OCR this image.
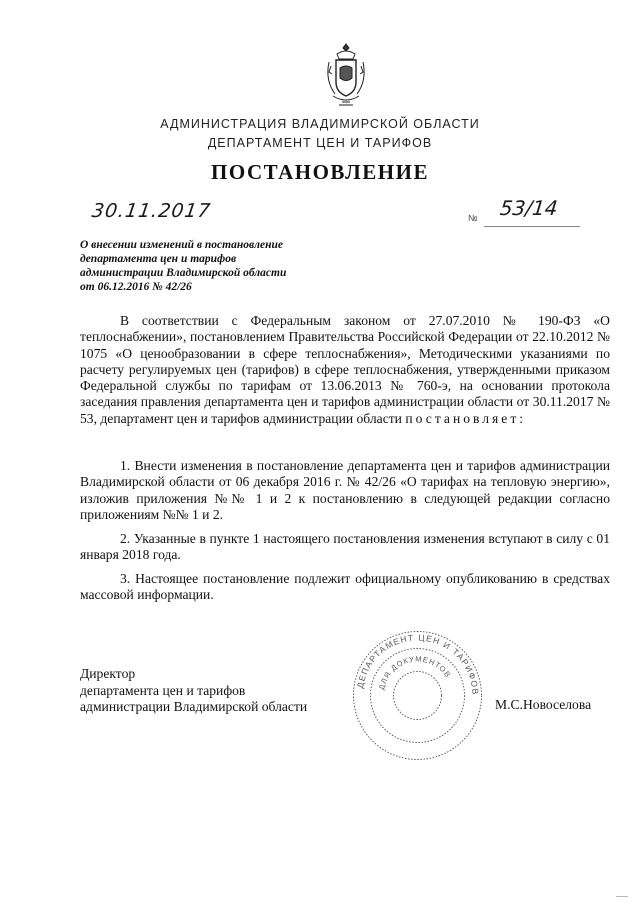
АДМИНИСТРАЦИЯ ВЛАДИМИРСКОЙ ОБЛАСТИ
ДЕПАРТАМЕНТ ЦЕН И ТАРИФОВ
ПОСТАНОВЛЕНИЕ
30.11.2017	№ 53/14
О внесении изменений в постановление
департамента цен и тарифов
администрации Владимирской области
от 06.12.2016 № 42/26
В соответствии с Федеральным законом от 27.07.2010 № 190-ФЗ «О теплоснабжении», постановлением Правительства Российской Федерации от 22.10.2012 № 1075 «О ценообразовании в сфере теплоснабжения», Методическими указаниями по расчету регулируемых цен (тарифов) в сфере теплоснабжения, утвержденными приказом Федеральной службы по тарифам от 13.06.2013 № 760-э, на основании протокола заседания правления департамента цен и тарифов администрации области от 30.11.2017 № 53, департамент цен и тарифов администрации области постановляет:
1. Внести изменения в постановление департамента цен и тарифов администрации Владимирской области от 06 декабря 2016 г. № 42/26 «О тарифах на тепловую энергию», изложив приложения №№ 1 и 2 к постановлению в следующей редакции согласно приложениям №№ 1 и 2.
2. Указанные в пункте 1 настоящего постановления изменения вступают в силу с 01 января 2018 года.
3. Настоящее постановление подлежит официальному опубликованию в средствах массовой информации.
Директор
департамента цен и тарифов
администрации Владимирской области
ДЕПАРТАМЕНТ ЦЕН И ТАРИФОВ
ДЛЯ ДОКУМЕНТОВ
М.С.Новоселова
